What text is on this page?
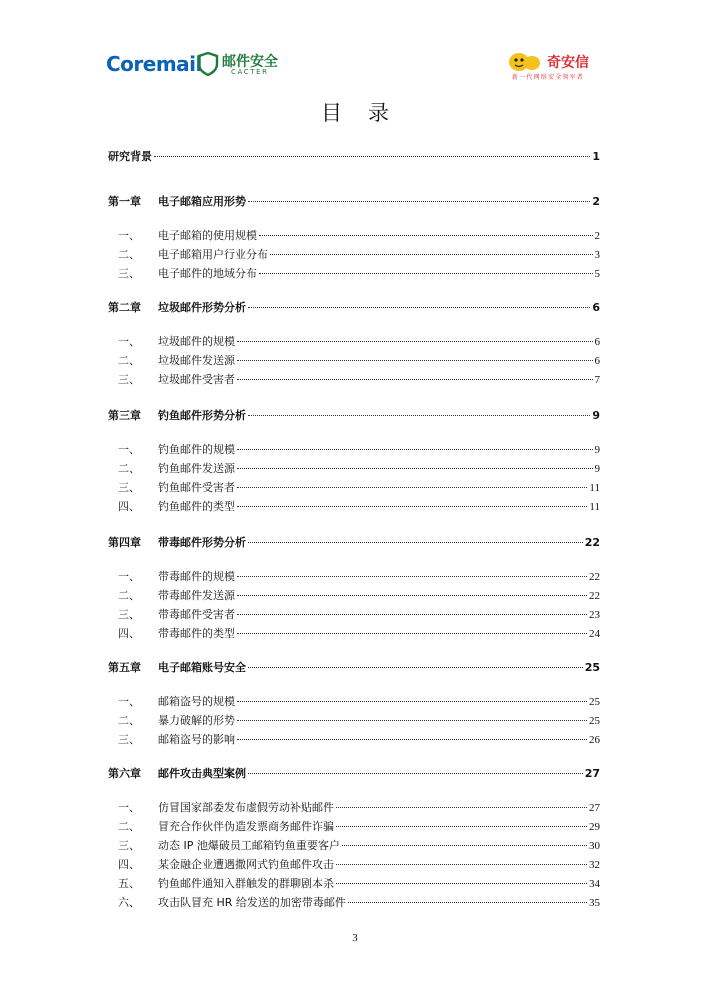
Coremail 邮件安全
CACTER
奇安信
新一代网络安全领军者
目录
研究背景	1
第一章	电子邮箱应用形势	2
一、	电子邮箱的使用规模	2
二、	电子邮箱用户行业分布	3
三、	电子邮件的地域分布	5
第二章	垃圾邮件形势分析	6
一、	垃圾邮件的规模	6
二、	垃圾邮件发送源	6
三、	垃圾邮件受害者	7
第三章	钓鱼邮件形势分析	9
一、	钓鱼邮件的规模	9
二、	钓鱼邮件发送源	9
三、	钓鱼邮件受害者	11
四、	钓鱼邮件的类型	11
第四章	带毒邮件形势分析	22
一、	带毒邮件的规模	22
二、	带毒邮件发送源	22
三、	带毒邮件受害者	23
四、	带毒邮件的类型	24
第五章	电子邮箱账号安全	25
一、	邮箱盗号的规模	25
二、	暴力破解的形势	25
三、	邮箱盗号的影响	26
第六章	邮件攻击典型案例	27
一、	仿冒国家部委发布虚假劳动补贴邮件	27
二、	冒充合作伙伴伪造发票商务邮件诈骗	29
三、	动态 IP 池爆破员工邮箱钓鱼重要客户	30
四、	某金融企业遭遇撒网式钓鱼邮件攻击	32
五、	钓鱼邮件通知入群触发的群聊剧本杀	34
六、	攻击队冒充 HR 给发送的加密带毒邮件	35
3
